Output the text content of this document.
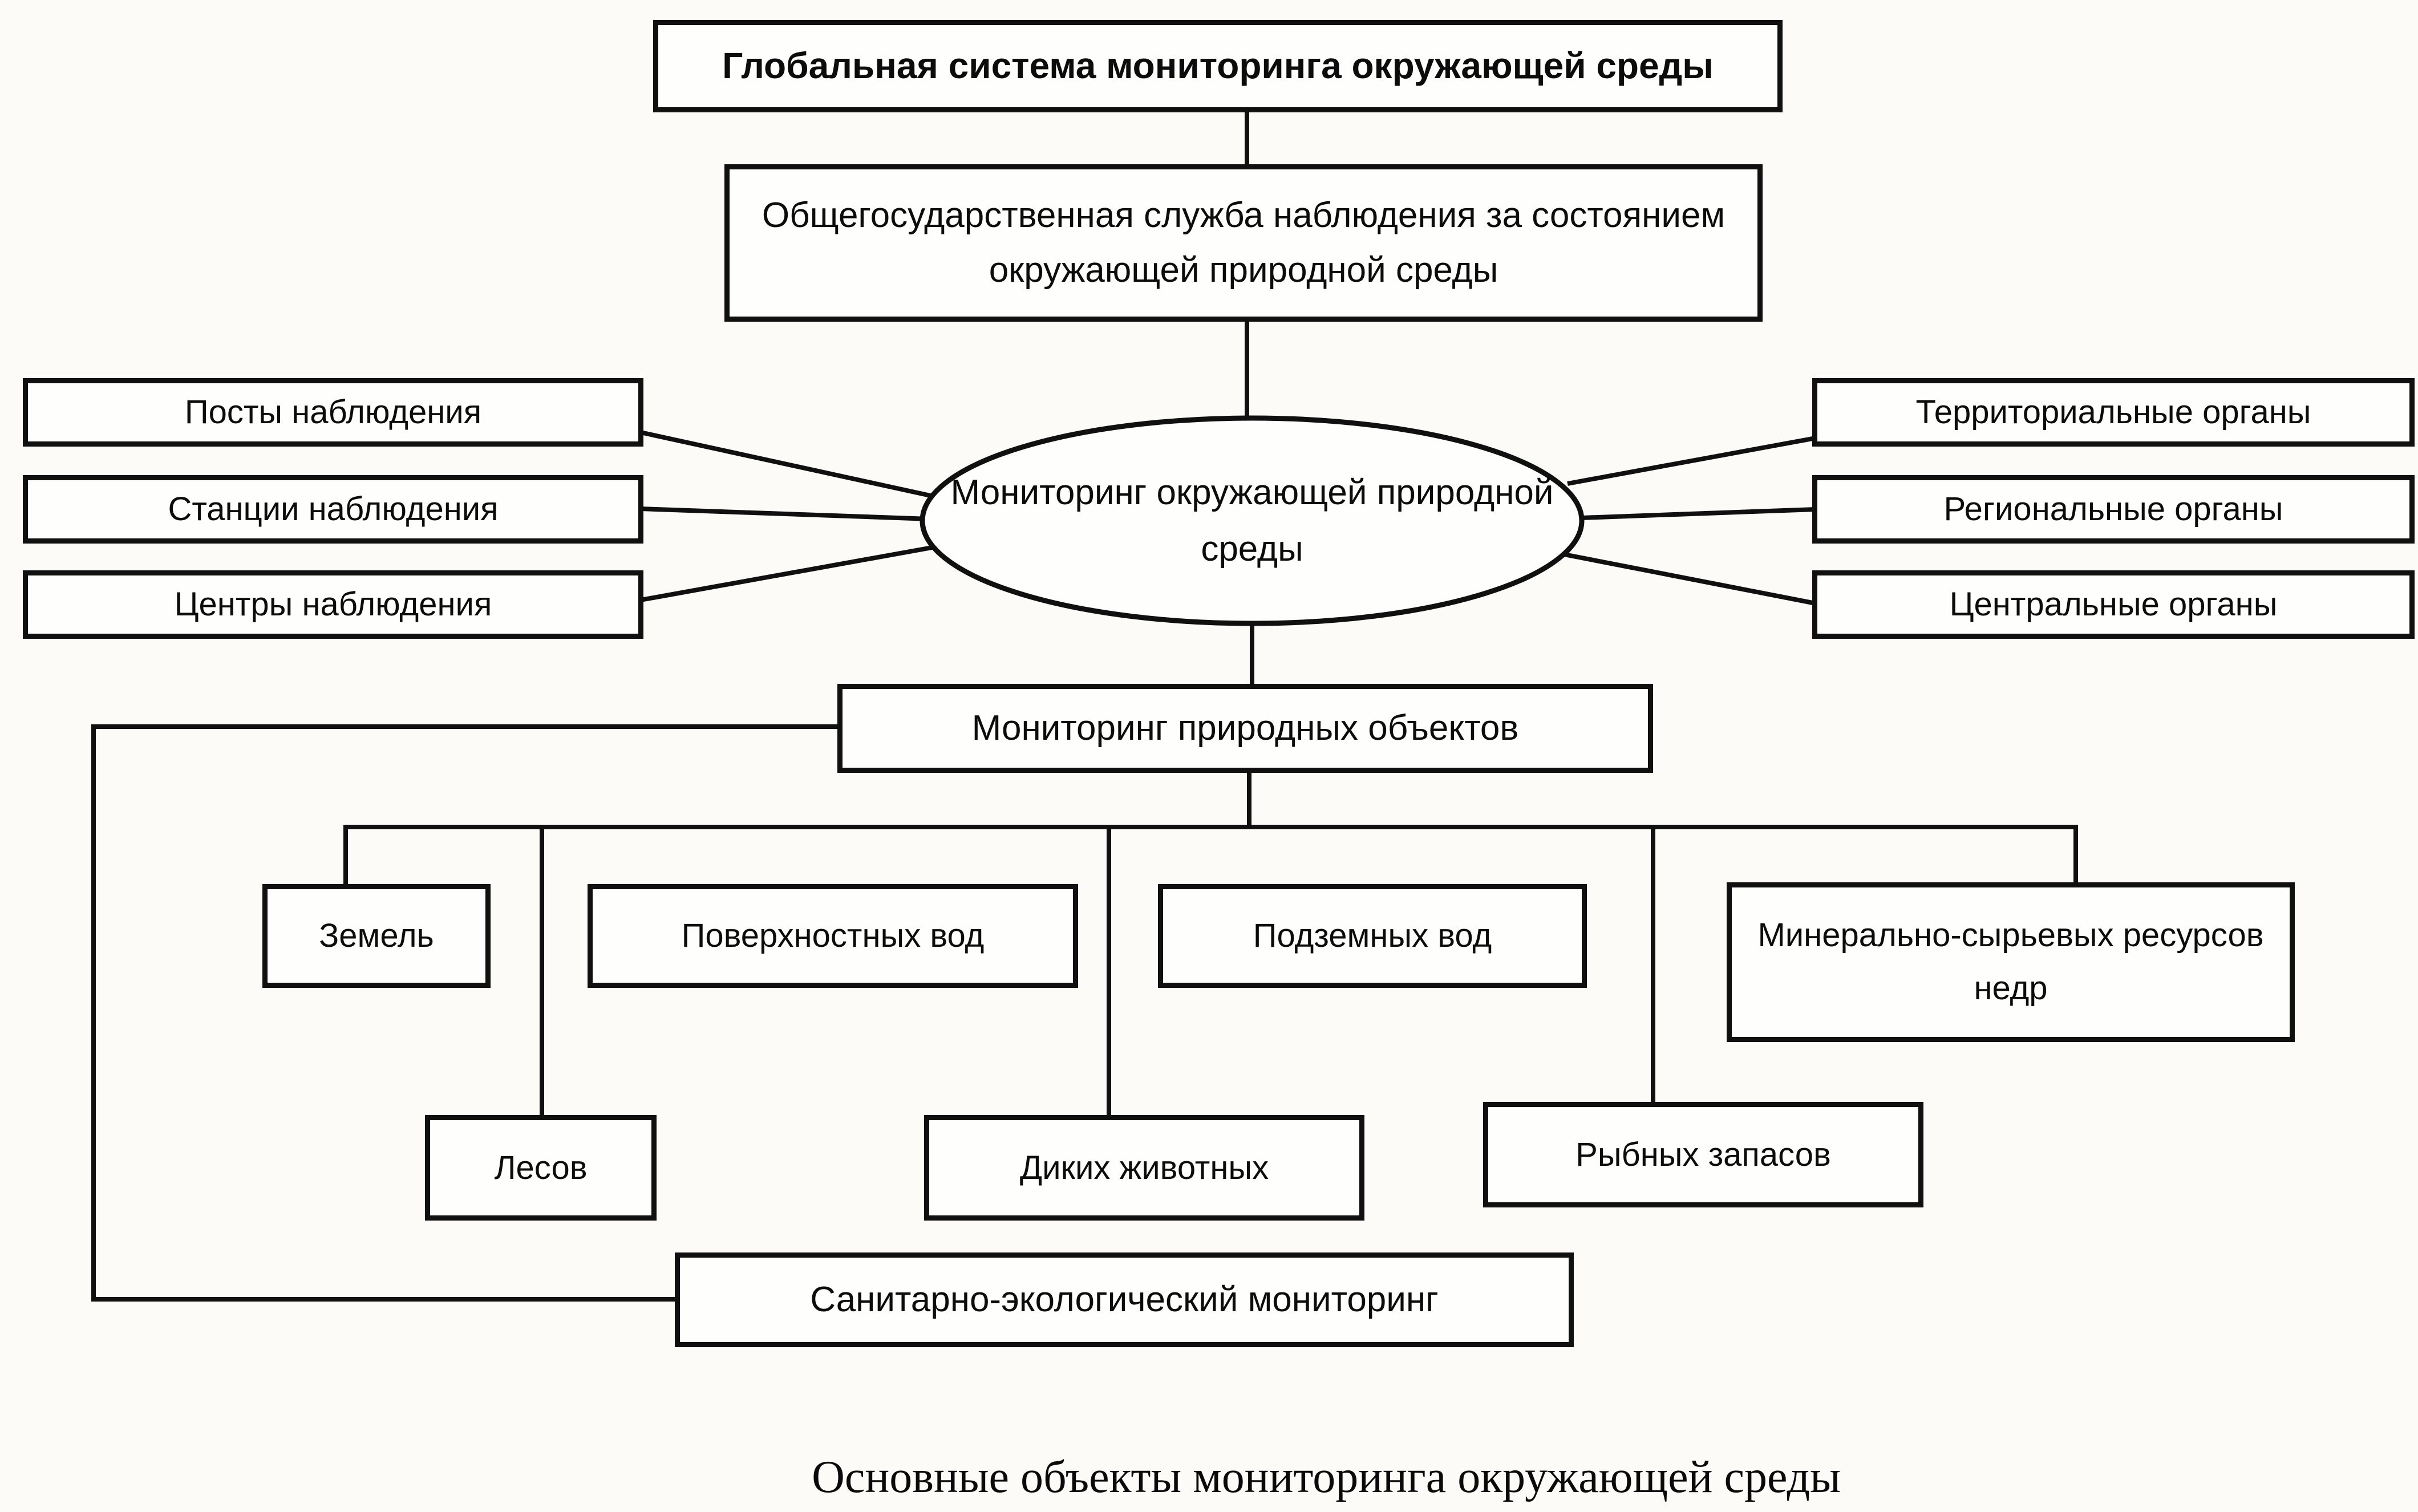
Глобальная система мониторинга окружающей среды
Общегосударственная служба наблюдения за состоянием окружающей природной среды
Посты наблюдения
Станции наблюдения
Центры наблюдения
Территориальные органы
Региональные органы
Центральные органы
Мониторинг окружающей природной среды
Мониторинг природных объектов
Земель	Поверхностных вод	Подземных вод	Минерально-сырьевых ресурсов недр
Лесов	Диких животных	Рыбных запасов
Санитарно-экологический мониторинг
Основные объекты мониторинга окружающей среды
